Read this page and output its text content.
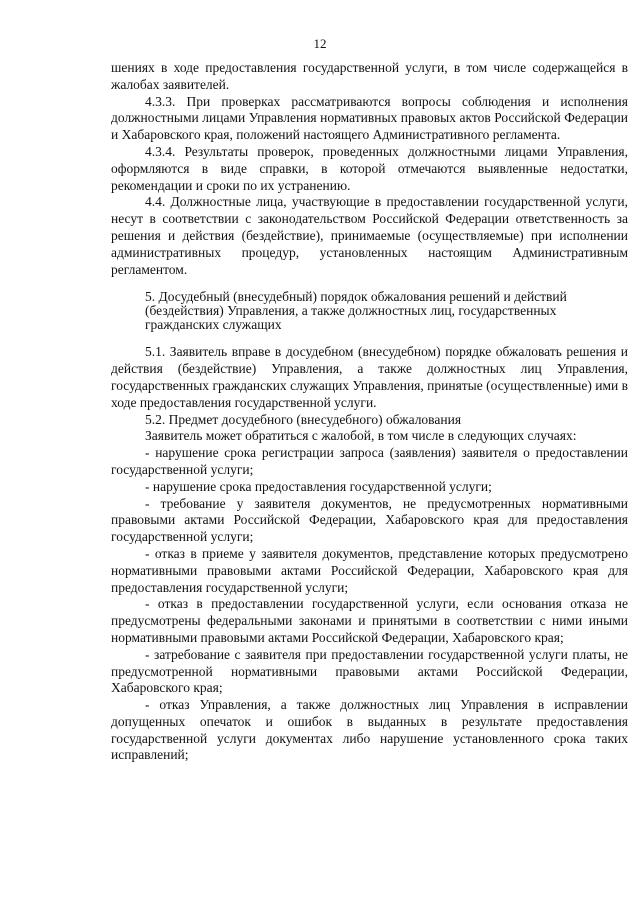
12

шениях в ходе предоставления государственной услуги, в том числе содержащейся в жалобах заявителей.

4.3.3. При проверках рассматриваются вопросы соблюдения и исполнения должностными лицами Управления нормативных правовых актов Российской Федерации и Хабаровского края, положений настоящего Административного регламента.

4.3.4. Результаты проверок, проведенных должностными лицами Управления, оформляются в виде справки, в которой отмечаются выявленные недостатки, рекомендации и сроки по их устранению.

4.4. Должностные лица, участвующие в предоставлении государственной услуги, несут в соответствии с законодательством Российской Федерации ответственность за решения и действия (бездействие), принимаемые (осуществляемые) при исполнении административных процедур, установленных настоящим Административным регламентом.

5. Досудебный (внесудебный) порядок обжалования решений и действий (бездействия) Управления, а также должностных лиц, государственных гражданских служащих

5.1. Заявитель вправе в досудебном (внесудебном) порядке обжаловать решения и действия (бездействие) Управления, а также должностных лиц Управления, государственных гражданских служащих Управления, принятые (осуществленные) ими в ходе предоставления государственной услуги.

5.2. Предмет досудебного (внесудебного) обжалования

Заявитель может обратиться с жалобой, в том числе в следующих случаях:

- нарушение срока регистрации запроса (заявления) заявителя о предоставлении государственной услуги;

- нарушение срока предоставления государственной услуги;

- требование у заявителя документов, не предусмотренных нормативными правовыми актами Российской Федерации, Хабаровского края для предоставления государственной услуги;

- отказ в приеме у заявителя документов, представление которых предусмотрено нормативными правовыми актами Российской Федерации, Хабаровского края для предоставления государственной услуги;

- отказ в предоставлении государственной услуги, если основания отказа не предусмотрены федеральными законами и принятыми в соответствии с ними иными нормативными правовыми актами Российской Федерации, Хабаровского края;

- затребование с заявителя при предоставлении государственной услуги платы, не предусмотренной нормативными правовыми актами Российской Федерации, Хабаровского края;

- отказ Управления, а также должностных лиц Управления в исправлении допущенных опечаток и ошибок в выданных в результате предоставления государственной услуги документах либо нарушение установленного срока таких исправлений;
